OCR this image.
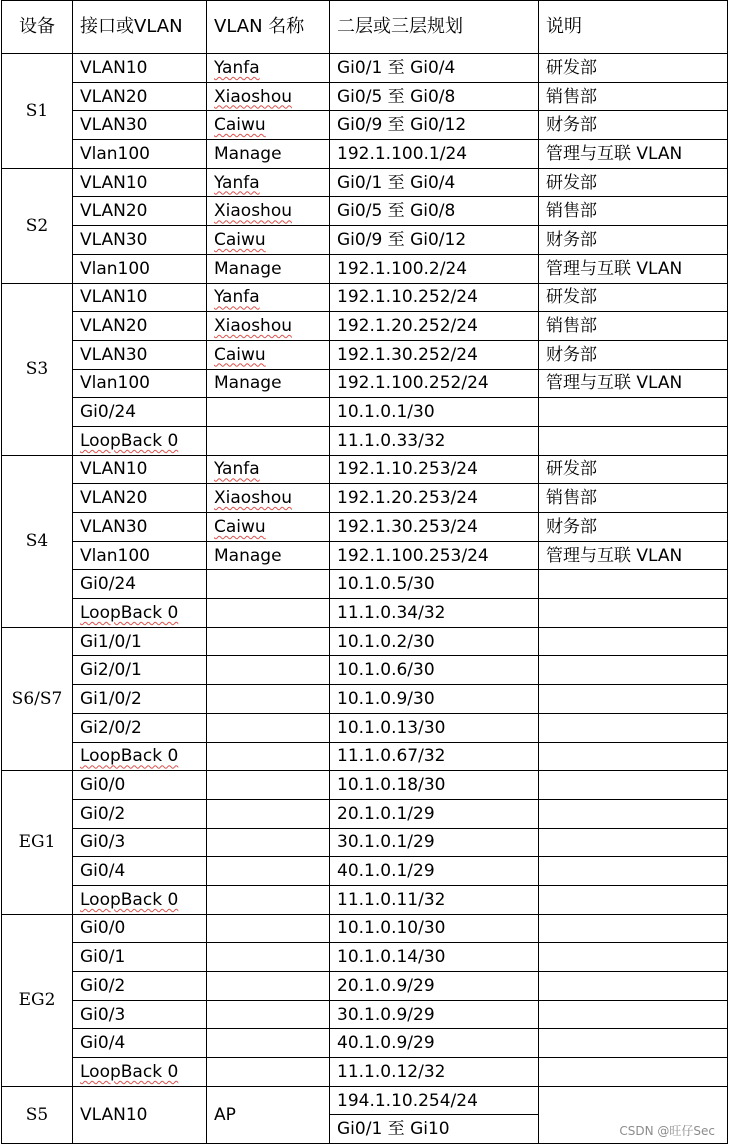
设备	接口或VLAN	VLAN 名称	二层或三层规划	说明
S1	VLAN10	Yanfa	Gi0/1 至 Gi0/4	研发部
	VLAN20	Xiaoshou	Gi0/5 至 Gi0/8	销售部
	VLAN30	Caiwu	Gi0/9 至 Gi0/12	财务部
	Vlan100	Manage	192.1.100.1/24	管理与互联 VLAN
S2	VLAN10	Yanfa	Gi0/1 至 Gi0/4	研发部
	VLAN20	Xiaoshou	Gi0/5 至 Gi0/8	销售部
	VLAN30	Caiwu	Gi0/9 至 Gi0/12	财务部
	Vlan100	Manage	192.1.100.2/24	管理与互联 VLAN
S3	VLAN10	Yanfa	192.1.10.252/24	研发部
	VLAN20	Xiaoshou	192.1.20.252/24	销售部
	VLAN30	Caiwu	192.1.30.252/24	财务部
	Vlan100	Manage	192.1.100.252/24	管理与互联 VLAN
	Gi0/24		10.1.0.1/30	
	LoopBack 0		11.1.0.33/32	
S4	VLAN10	Yanfa	192.1.10.253/24	研发部
	VLAN20	Xiaoshou	192.1.20.253/24	销售部
	VLAN30	Caiwu	192.1.30.253/24	财务部
	Vlan100	Manage	192.1.100.253/24	管理与互联 VLAN
	Gi0/24		10.1.0.5/30	
	LoopBack 0		11.1.0.34/32	
S6/S7	Gi1/0/1		10.1.0.2/30	
	Gi2/0/1		10.1.0.6/30	
	Gi1/0/2		10.1.0.9/30	
	Gi2/0/2		10.1.0.13/30	
	LoopBack 0		11.1.0.67/32	
EG1	Gi0/0		10.1.0.18/30	
	Gi0/2		20.1.0.1/29	
	Gi0/3		30.1.0.1/29	
	Gi0/4		40.1.0.1/29	
	LoopBack 0		11.1.0.11/32	
EG2	Gi0/0		10.1.0.10/30	
	Gi0/1		10.1.0.14/30	
	Gi0/2		20.1.0.9/29	
	Gi0/3		30.1.0.9/29	
	Gi0/4		40.1.0.9/29	
	LoopBack 0		11.1.0.12/32	
S5	VLAN10	AP	194.1.10.254/24	
			Gi0/1 至 Gi10		CSDN @旺仔Sec
